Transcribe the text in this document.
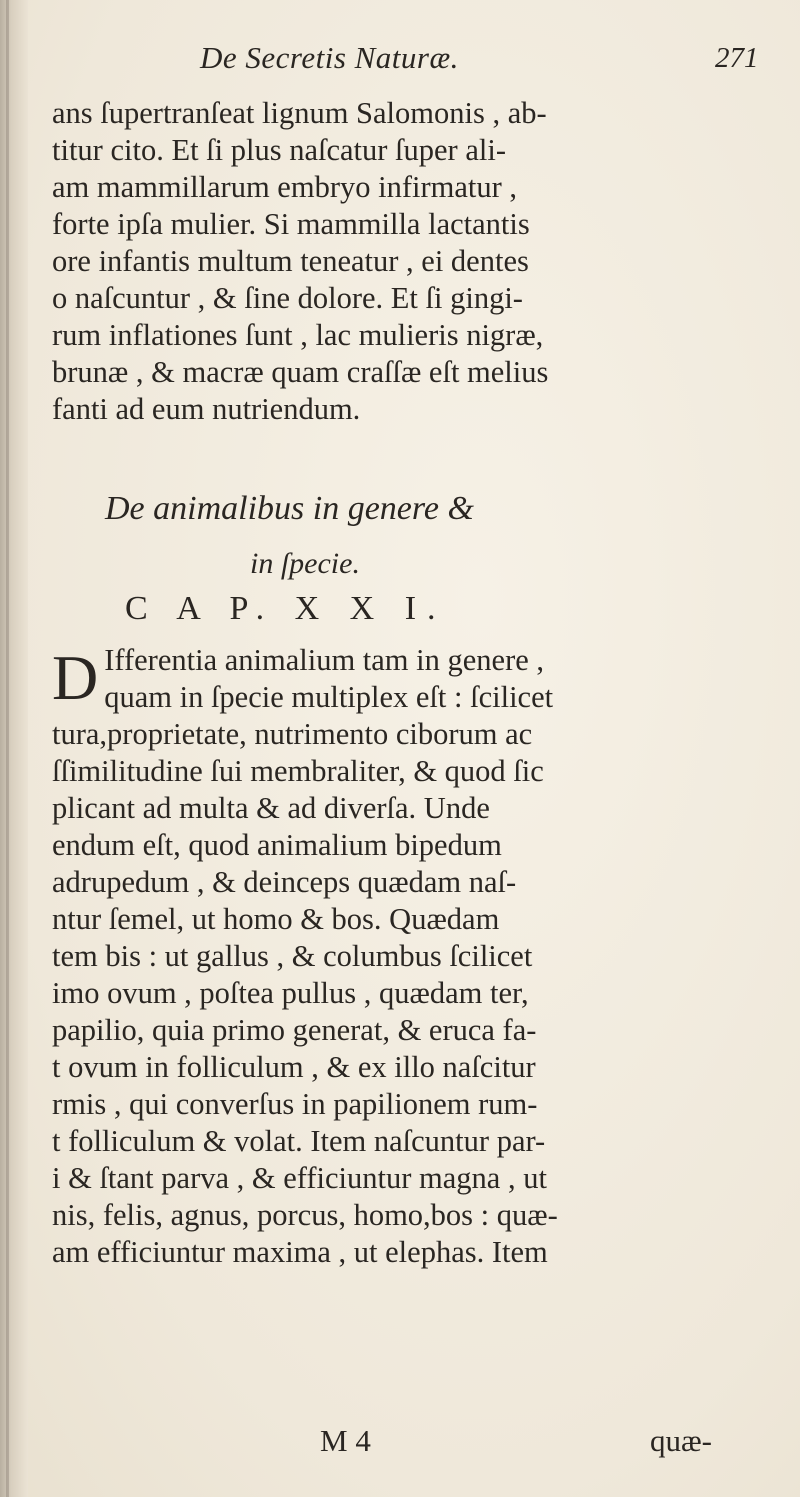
De Secretis Naturæ.	271
ans ſupertranſeat lignum Salomonis , ab-
titur cito. Et ſi plus naſcatur ſuper ali-
am mammillarum embryo infirmatur ,
forte ipſa mulier. Si mammilla lactantis
ore infantis multum teneatur , ei dentes
o naſcuntur , & ſine dolore. Et ſi gingi-
rum inflationes ſunt , lac mulieris nigræ,
brunæ , & macræ quam craſſæ eſt melius
fanti ad eum nutriendum.
De animalibus in genere &
in ſpecie.
C A P. X X I.
D Ifferentia animalium tam in genere ,
quam in ſpecie multiplex eſt : ſcilicet
tura,proprietate, nutrimento ciborum ac
ſſimilitudine ſui membraliter, & quod ſic
plicant ad multa & ad diverſa. Unde
endum eſt, quod animalium bipedum
adrupedum , & deinceps quædam naſ-
ntur ſemel, ut homo & bos. Quædam
tem bis : ut gallus , & columbus ſcilicet
imo ovum , poſtea pullus , quædam ter,
papilio, quia primo generat, & eruca fa-
t ovum in folliculum , & ex illo naſcitur
rmis , qui converſus in papilionem rum-
t folliculum & volat. Item naſcuntur par-
i & ſtant parva , & efficiuntur magna , ut
nis, felis, agnus, porcus, homo,bos : quæ-
am efficiuntur maxima , ut elephas. Item
M 4	quæ-
